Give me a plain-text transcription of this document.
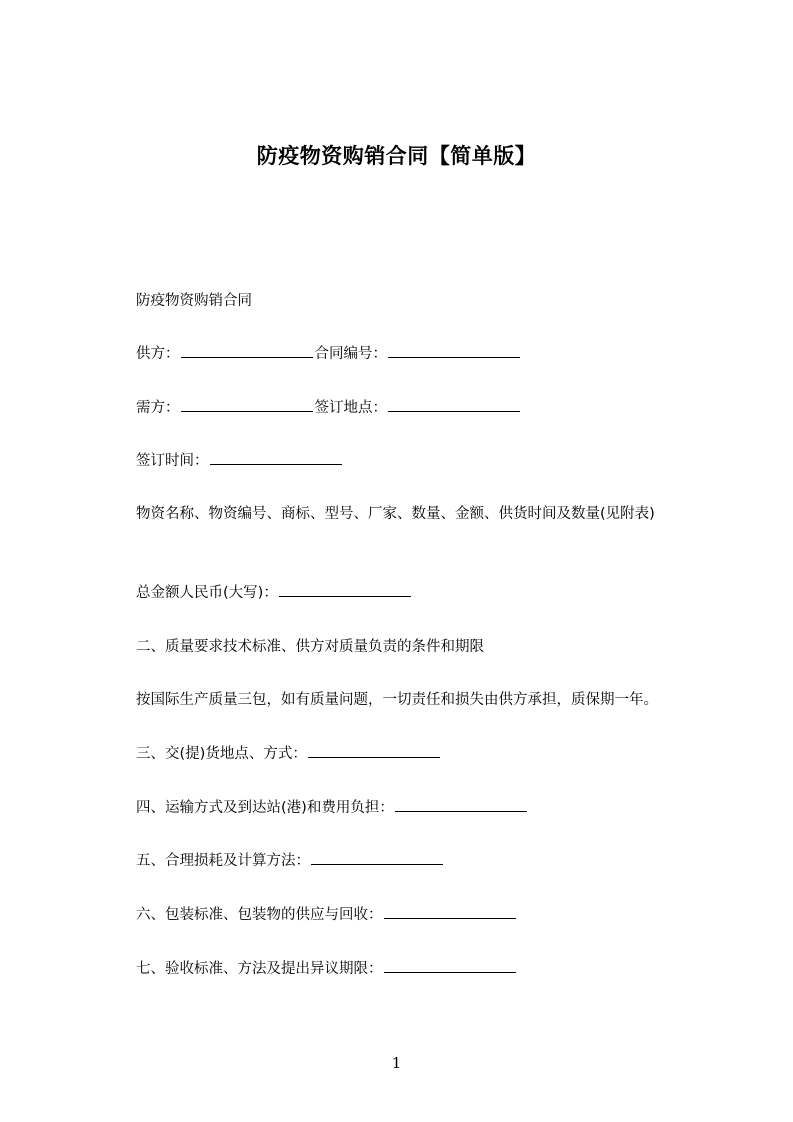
防疫物资购销合同【简单版】
防疫物资购销合同
供方：	合同编号：
需方：	签订地点：
签订时间：
物资名称、物资编号、商标、型号、厂家、数量、金额、供货时间及数量(见附表)
总金额人民币(大写)：
二、质量要求技术标准、供方对质量负责的条件和期限
按国际生产质量三包，如有质量问题，一切责任和损失由供方承担，质保期一年。
三、交(提)货地点、方式：
四、运输方式及到达站(港)和费用负担：
五、合理损耗及计算方法：
六、包装标准、包装物的供应与回收：
七、验收标准、方法及提出异议期限：
1
